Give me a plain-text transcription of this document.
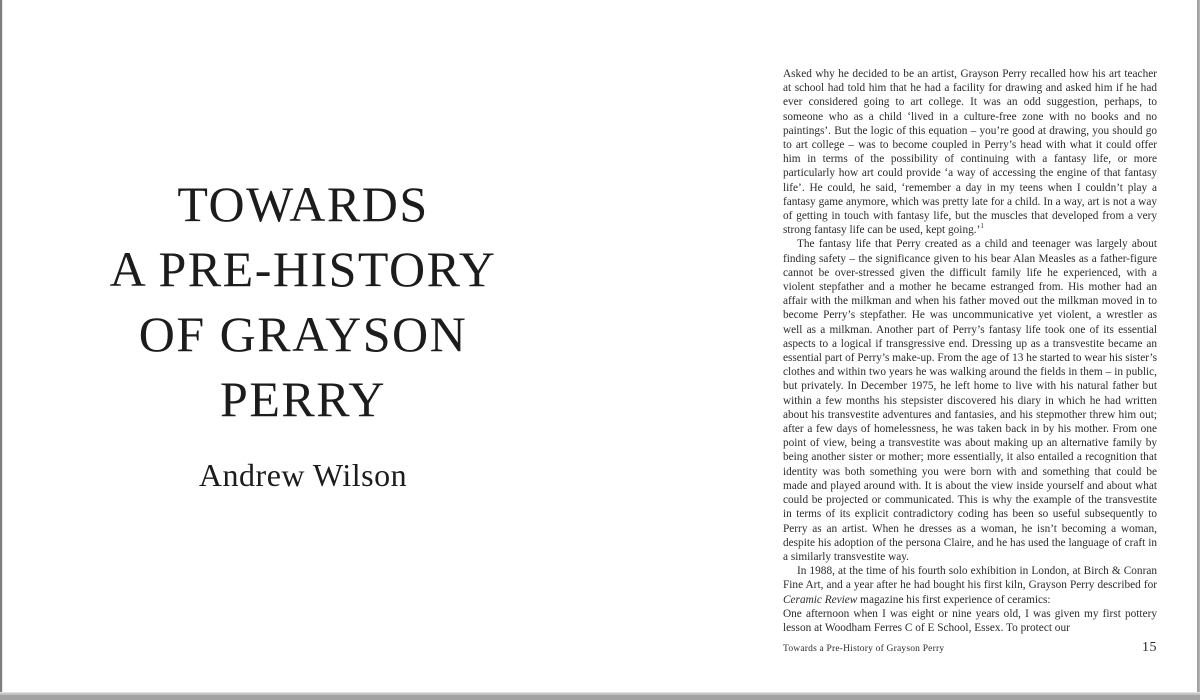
TOWARDS
A PRE-HISTORY
OF GRAYSON
PERRY
Andrew Wilson

Asked why he decided to be an artist, Grayson Perry recalled how his art teacher at school had told him that he had a facility for drawing and asked him if he had ever considered going to art college. It was an odd suggestion, perhaps, to someone who as a child ‘lived in a culture-free zone with no books and no paintings’. But the logic of this equation – you’re good at drawing, you should go to art college – was to become coupled in Perry’s head with what it could offer him in terms of the possibility of continuing with a fantasy life, or more particularly how art could provide ‘a way of accessing the engine of that fantasy life’. He could, he said, ‘remember a day in my teens when I couldn’t play a fantasy game anymore, which was pretty late for a child. In a way, art is not a way of getting in touch with fantasy life, but the muscles that developed from a very strong fantasy life can be used, kept going.’$^1$

The fantasy life that Perry created as a child and teenager was largely about finding safety – the significance given to his bear Alan Measles as a father-figure cannot be over-stressed given the difficult family life he experienced, with a violent stepfather and a mother he became estranged from. His mother had an affair with the milkman and when his father moved out the milkman moved in to become Perry’s stepfather. He was uncommunicative yet violent, a wrestler as well as a milkman. Another part of Perry’s fantasy life took one of its essential aspects to a logical if transgressive end. Dressing up as a transvestite became an essential part of Perry’s make-up. From the age of 13 he started to wear his sister’s clothes and within two years he was walking around the fields in them – in public, but privately. In December 1975, he left home to live with his natural father but within a few months his stepsister discovered his diary in which he had written about his transvestite adventures and fantasies, and his stepmother threw him out; after a few days of homelessness, he was taken back in by his mother. From one point of view, being a transvestite was about making up an alternative family by being another sister or mother; more essentially, it also entailed a recognition that identity was both something you were born with and something that could be made and played around with. It is about the view inside yourself and about what could be projected or communicated. This is why the example of the transvestite in terms of its explicit contradictory coding has been so useful subsequently to Perry as an artist. When he dresses as a woman, he isn’t becoming a woman, despite his adoption of the persona Claire, and he has used the language of craft in a similarly transvestite way.

In 1988, at the time of his fourth solo exhibition in London, at Birch & Conran Fine Art, and a year after he had bought his first kiln, Grayson Perry described for Ceramic Review magazine his first experience of ceramics:

One afternoon when I was eight or nine years old, I was given my first pottery lesson at Woodham Ferres C of E School, Essex. To protect our

Towards a Pre-History of Grayson Perry	15
